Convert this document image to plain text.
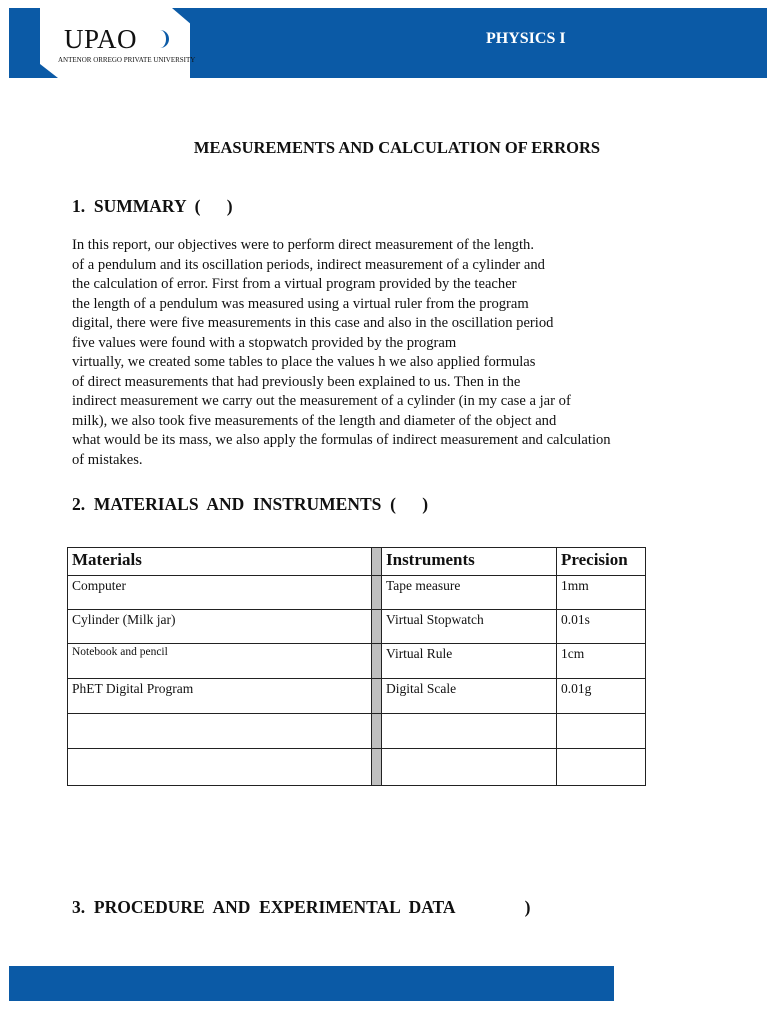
UPAO
ANTENOR ORREGO PRIVATE UNIVERSITY
PHYSICS I
MEASUREMENTS AND CALCULATION OF ERRORS
1.  SUMMARY  (      )
In this report, our objectives were to perform direct measurement of the length.
of a pendulum and its oscillation periods, indirect measurement of a cylinder and
the calculation of error. First from a virtual program provided by the teacher
the length of a pendulum was measured using a virtual ruler from the program
digital, there were five measurements in this case and also in the oscillation period
five values were found with a stopwatch provided by the program
virtually, we created some tables to place the values h we also applied formulas
of direct measurements that had previously been explained to us. Then in the
indirect measurement we carry out the measurement of a cylinder (in my case a jar of
milk), we also took five measurements of the length and diameter of the object and
what would be its mass, we also apply the formulas of indirect measurement and calculation
of mistakes.
2.  MATERIALS  AND  INSTRUMENTS  (      )
Materials		Instruments	Precision
Computer		Tape measure	1mm
Cylinder (Milk jar)		Virtual Stopwatch	0.01s
Notebook and pencil		Virtual Rule	1cm
PhET Digital Program		Digital Scale	0.01g

3.  PROCEDURE  AND  EXPERIMENTAL  DATA                )
